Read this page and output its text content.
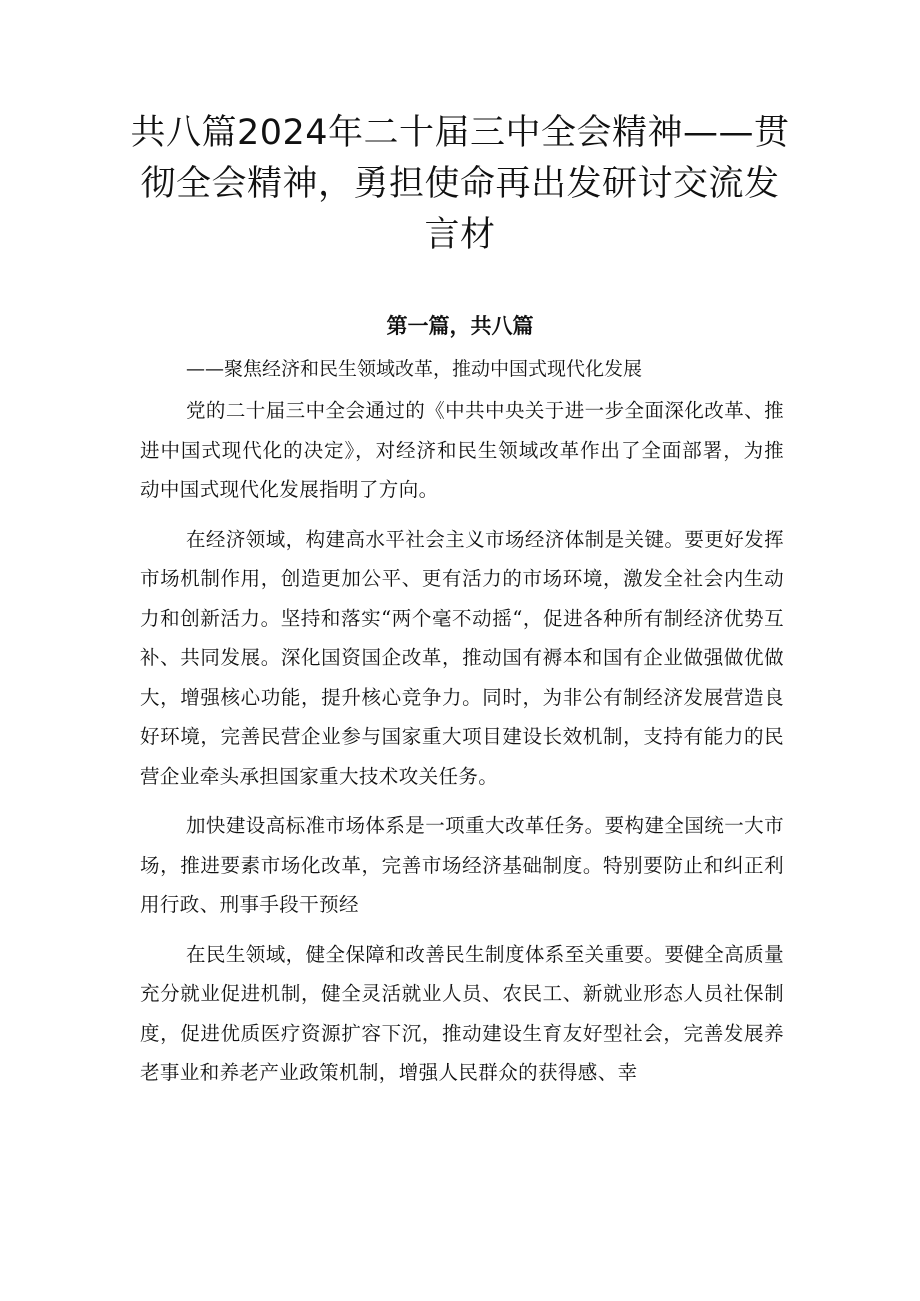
共八篇2024年二十届三中全会精神——贯彻全会精神，勇担使命再出发研讨交流发言材
第一篇，共八篇

——聚焦经济和民生领域改革，推动中国式现代化发展

党的二十届三中全会通过的《中共中央关于进一步全面深化改革、推进中国式现代化的决定》，对经济和民生领域改革作出了全面部署，为推动中国式现代化发展指明了方向。

在经济领域，构建高水平社会主义市场经济体制是关键。要更好发挥市场机制作用，创造更加公平、更有活力的市场环境，激发全社会内生动力和创新活力。坚持和落实“两个毫不动摇“，促进各种所有制经济优势互补、共同发展。深化国资国企改革，推动国有褥本和国有企业做强做优做大，增强核心功能，提升核心竞争力。同时，为非公有制经济发展营造良好环境，完善民营企业参与国家重大项目建设长效机制，支持有能力的民营企业牵头承担国家重大技术攻关任务。

加快建设高标准市场体系是一项重大改革任务。要构建全国统一大市场，推进要素市场化改革，完善市场经济基础制度。特别要防止和纠正利用行政、刑事手段干预经

在民生领域，健全保障和改善民生制度体系至关重要。要健全高质量充分就业促进机制，健全灵活就业人员、农民工、新就业形态人员社保制度，促进优质医疗资源扩容下沉，推动建设生育友好型社会，完善发展养老事业和养老产业政策机制，增强人民群众的获得感、幸
